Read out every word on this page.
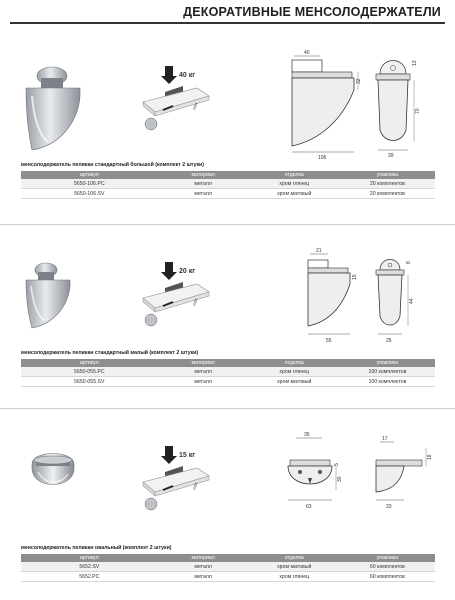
ДЕКОРАТИВНЫЕ МЕНСОЛОДЕРЖАТЕЛИ
40 кг
max
40
32
106
13
70
39
менсолодержатель пеликан стандартный большой (комплект 2 штуки)
артикул	материал	отделка	упаковка
5650-106.PC	металл	хром глянец	20 комплектов
5650-106.SV	металл	хром матовый	20 комплектов
20 кг
max
21
15
55
8
44
25
менсолодержатель пеликан стандартный малый (комплект 2 штуки)
артикул	материал	отделка	упаковка
5650-055.PC	металл	хром глянец	100 комплектов
5650-055.SV	металл	хром матовый	100 комплектов
15 кг
max
35
5
30
63
17
18
33
менсолодержатель пеликан овальный (комплект 2 штуки)
артикул	материал	отделка	упаковка
5652.SV	металл	хром матовый	60 комплектов
5652.PC	металл	хром глянец	60 комплектов
